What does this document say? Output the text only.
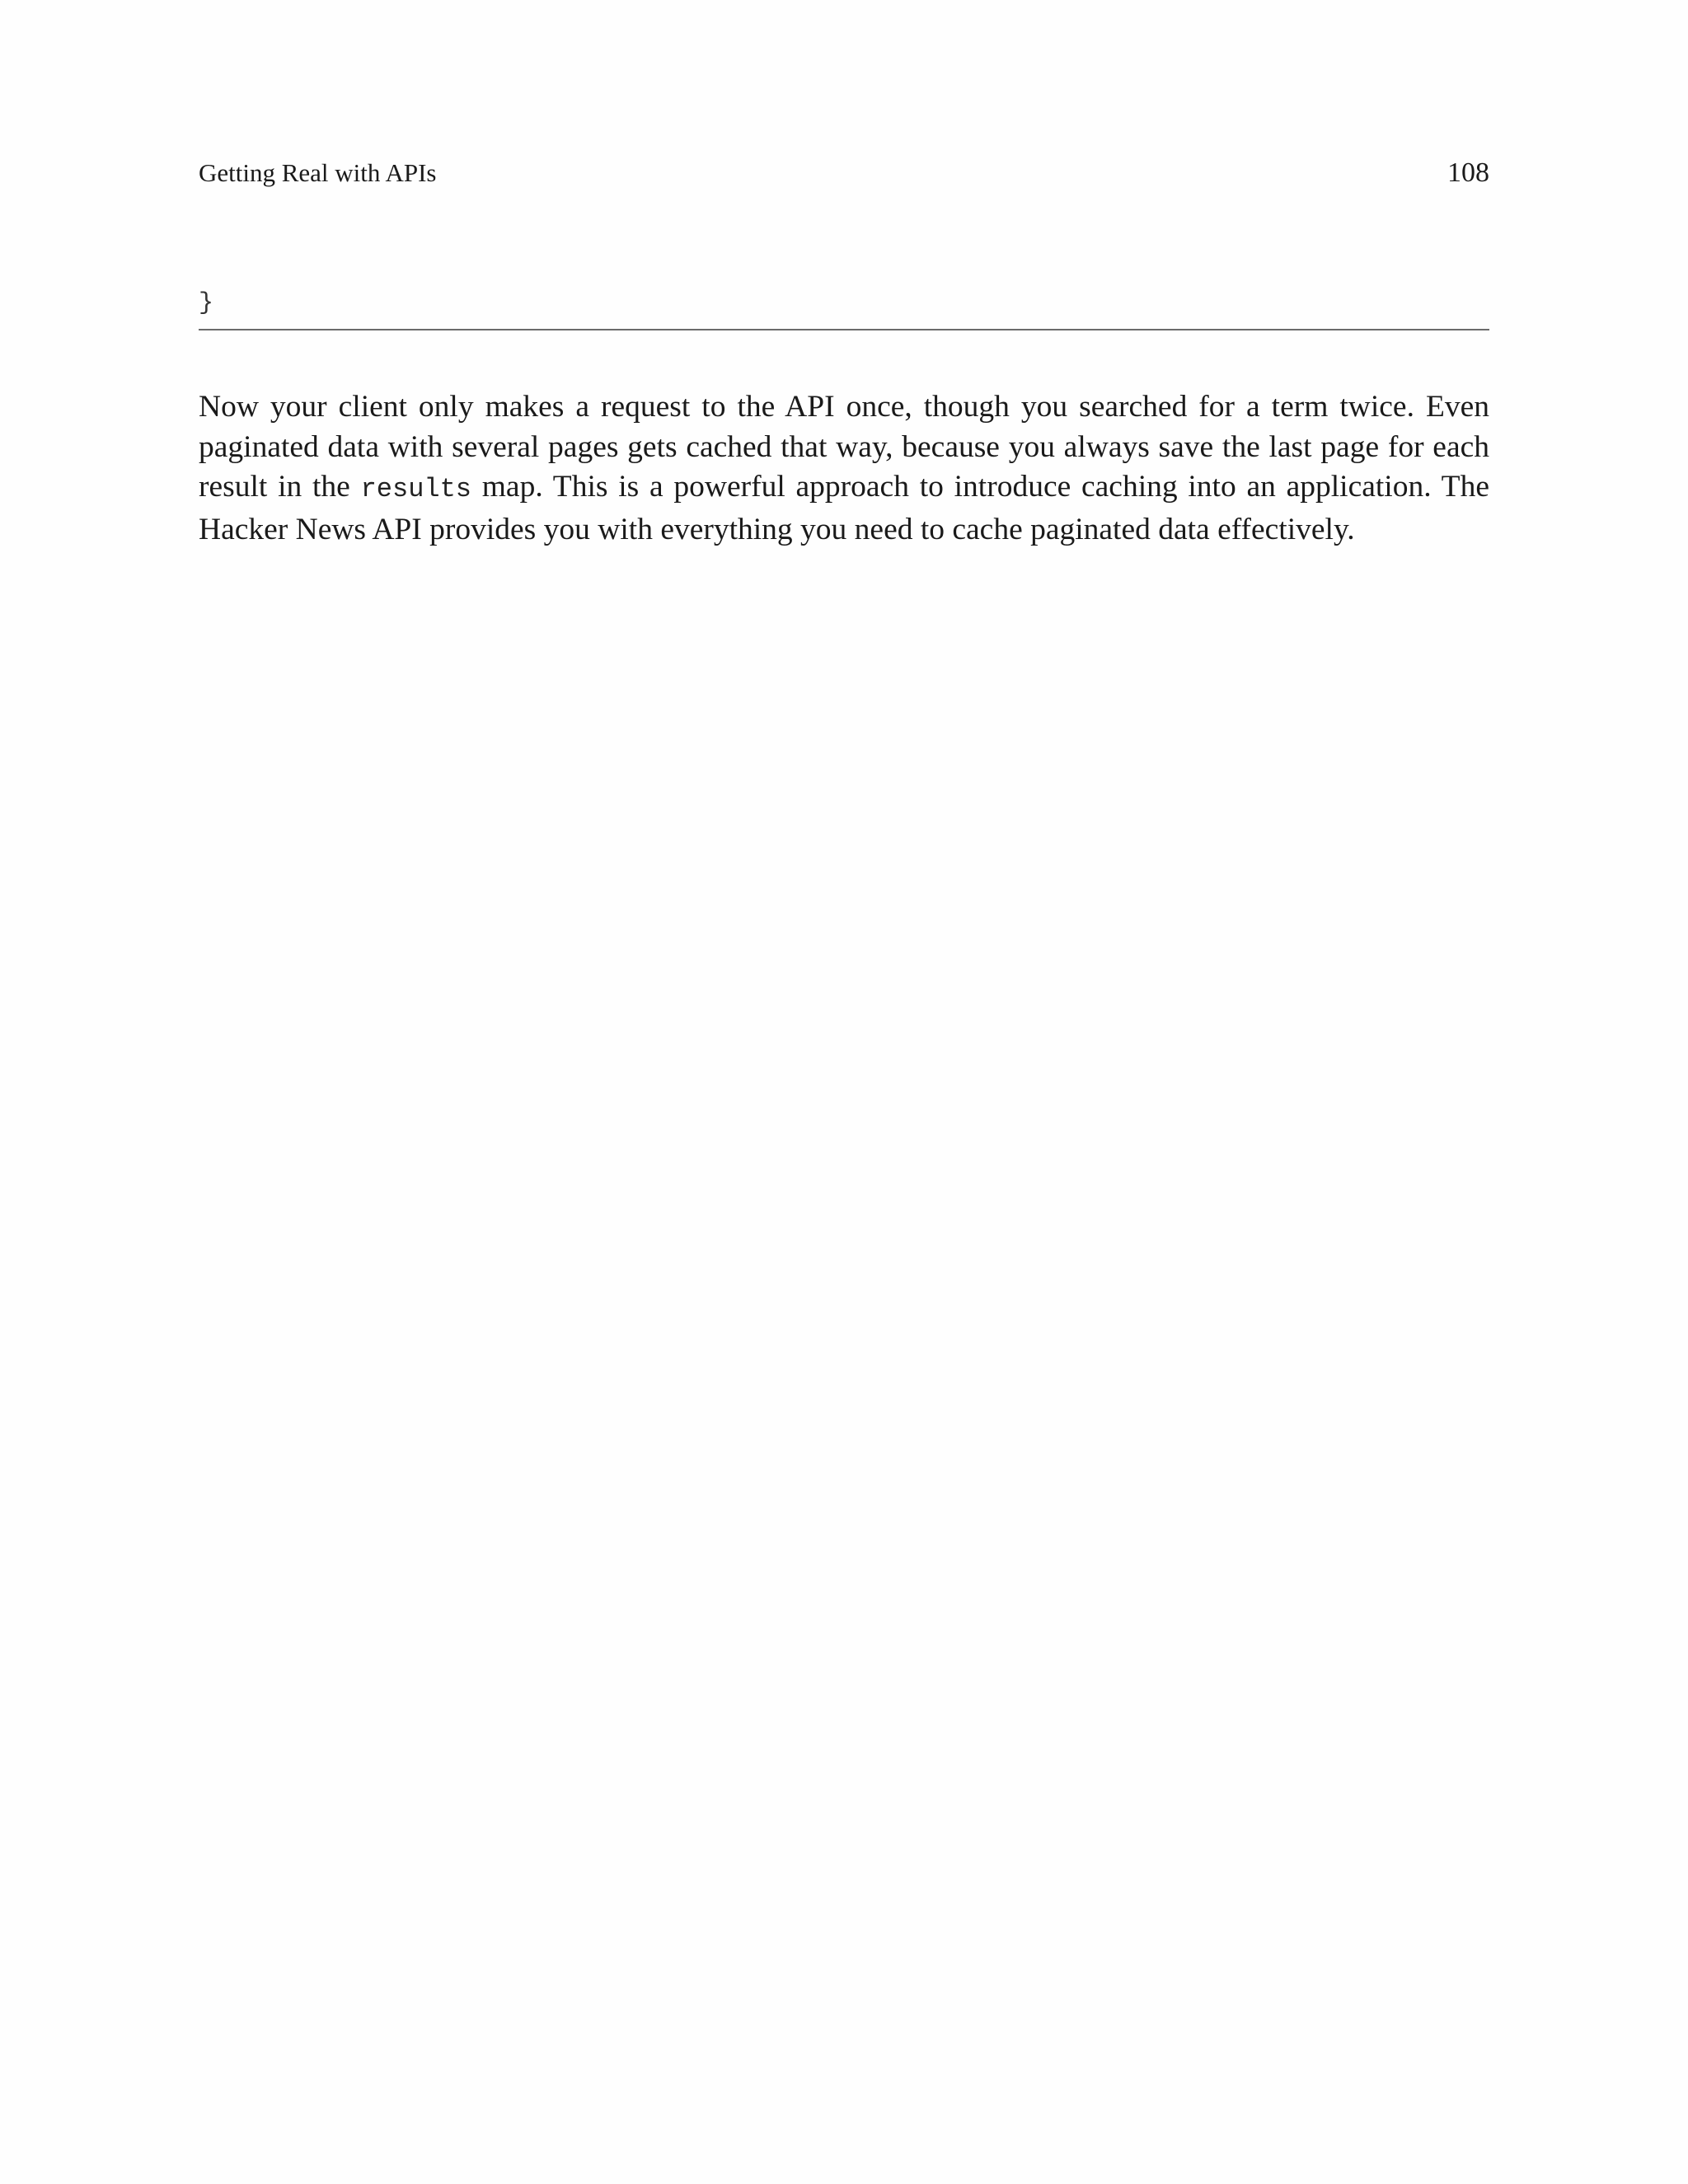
Getting Real with APIs	108
}

Now your client only makes a request to the API once, though you searched for a term twice. Even paginated data with several pages gets cached that way, because you always save the last page for each result in the results map. This is a powerful approach to introduce caching into an application. The Hacker News API provides you with everything you need to cache paginated data effectively.
